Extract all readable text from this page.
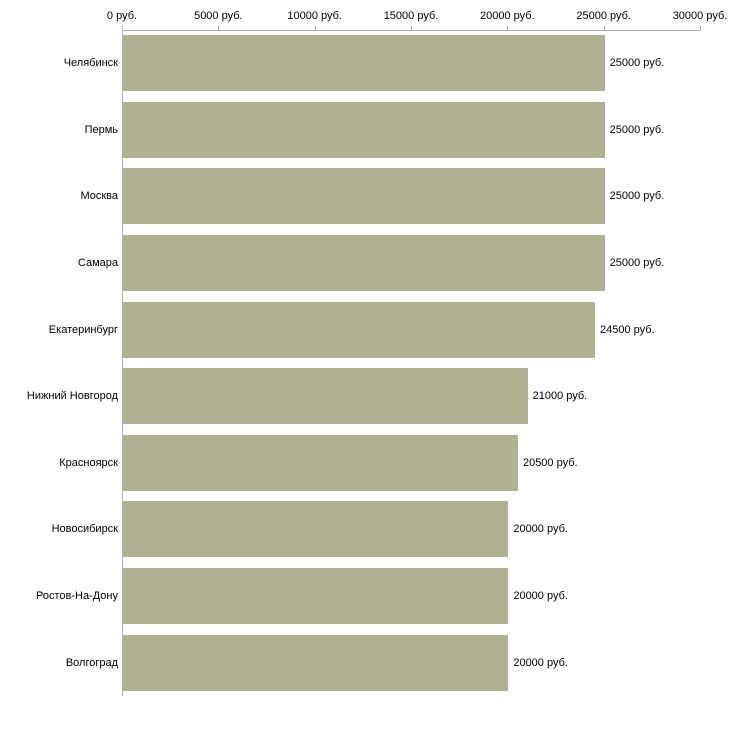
0 руб.	5000 руб.	10000 руб.	15000 руб.	20000 руб.	25000 руб.	30000 руб.
Челябинск	25000 руб.
Пермь	25000 руб.
Москва	25000 руб.
Самара	25000 руб.
Екатеринбург	24500 руб.
Нижний Новгород	21000 руб.
Красноярск	20500 руб.
Новосибирск	20000 руб.
Ростов-На-Дону	20000 руб.
Волгоград	20000 руб.
